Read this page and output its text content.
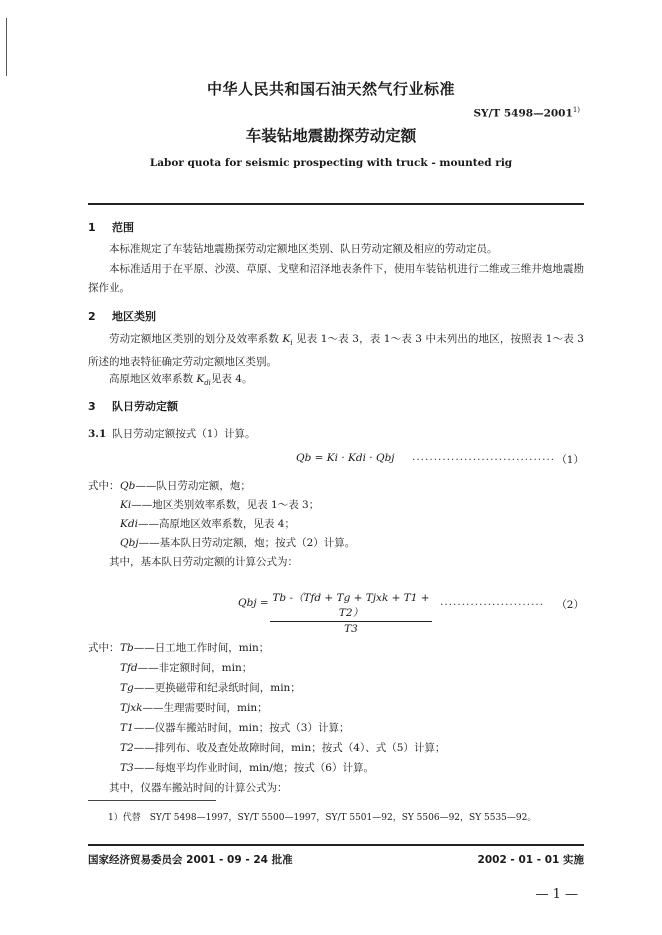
中华人民共和国石油天然气行业标准
SY/T 5498—2001$^{1)}$
车装钻地震勘探劳动定额
Labor quota for seismic prospecting with truck - mounted rig
1 范围
本标准规定了车装钻地震勘探劳动定额地区类别、队日劳动定额及相应的劳动定员。
本标准适用于在平原、沙漠、草原、戈壁和沼泽地表条件下，使用车装钻机进行二维或三维井炮地震勘探作业。
2 地区类别
劳动定额地区类别的划分及效率系数 $K_i$ 见表 1～表 3，表 1～表 3 中未列出的地区，按照表 1～表 3 所述的地表特征确定劳动定额地区类别。
高原地区效率系数 $K_{di}$见表 4。
3 队日劳动定额
3.1 队日劳动定额按式（1）计算。
Qb = Ki · Kdi · Qbj ................................. （1）
式中： Qb——队日劳动定额，炮；
Ki——地区类别效率系数，见表 1～表 3；
Kdi——高原地区效率系数，见表 4；
Qbj——基本队日劳动定额，炮；按式（2）计算。
其中，基本队日劳动定额的计算公式为：
Qbj = Tb -（Tfd + Tg + Tjxk + T1 + T2）
T3
........................ （2）
式中： Tb——日工地工作时间，min；
Tfd——非定额时间，min；
Tg——更换磁带和纪录纸时间，min；
Tjxk——生理需要时间，min；
T1——仪器车搬站时间，min；按式（3）计算；
T2——排列布、收及查处故障时间，min；按式（4）、式（5）计算；
T3——每炮平均作业时间，min/炮；按式（6）计算。
其中，仪器车搬站时间的计算公式为：
1）代替　SY/T 5498—1997，SY/T 5500—1997，SY/T 5501—92，SY 5506—92，SY 5535—92。
国家经济贸易委员会 2001 - 09 - 24 批准	2002 - 01 - 01 实施
— 1 —
